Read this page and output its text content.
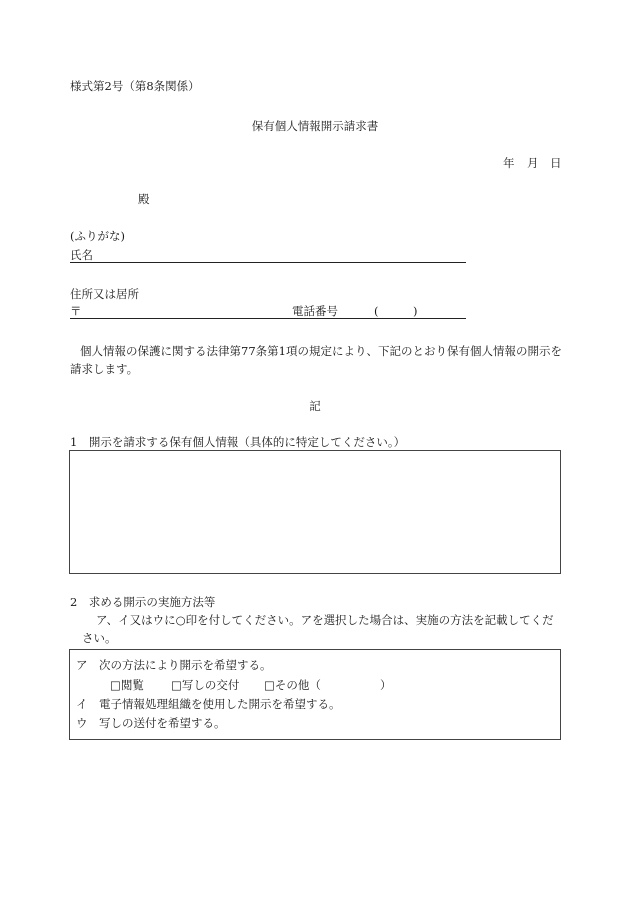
様式第2号（第8条関係）
保有個人情報開示請求書
年 月 日
殿
(ふりがな)
氏名
住所又は居所
〒	電話番号	(	)
個人情報の保護に関する法律第77条第1項の規定により、下記のとおり保有個人情報の開示を
請求します。
記
1　開示を請求する保有個人情報（具体的に特定してください。）
2　求める開示の実施方法等
ア、イ又はウに○印を付してください。アを選択した場合は、実施の方法を記載してくだ
さい。
ア　次の方法により開示を希望する。
□閲覧 □写しの交付 □その他（	）
イ　電子情報処理組織を使用した開示を希望する。
ウ　写しの送付を希望する。
